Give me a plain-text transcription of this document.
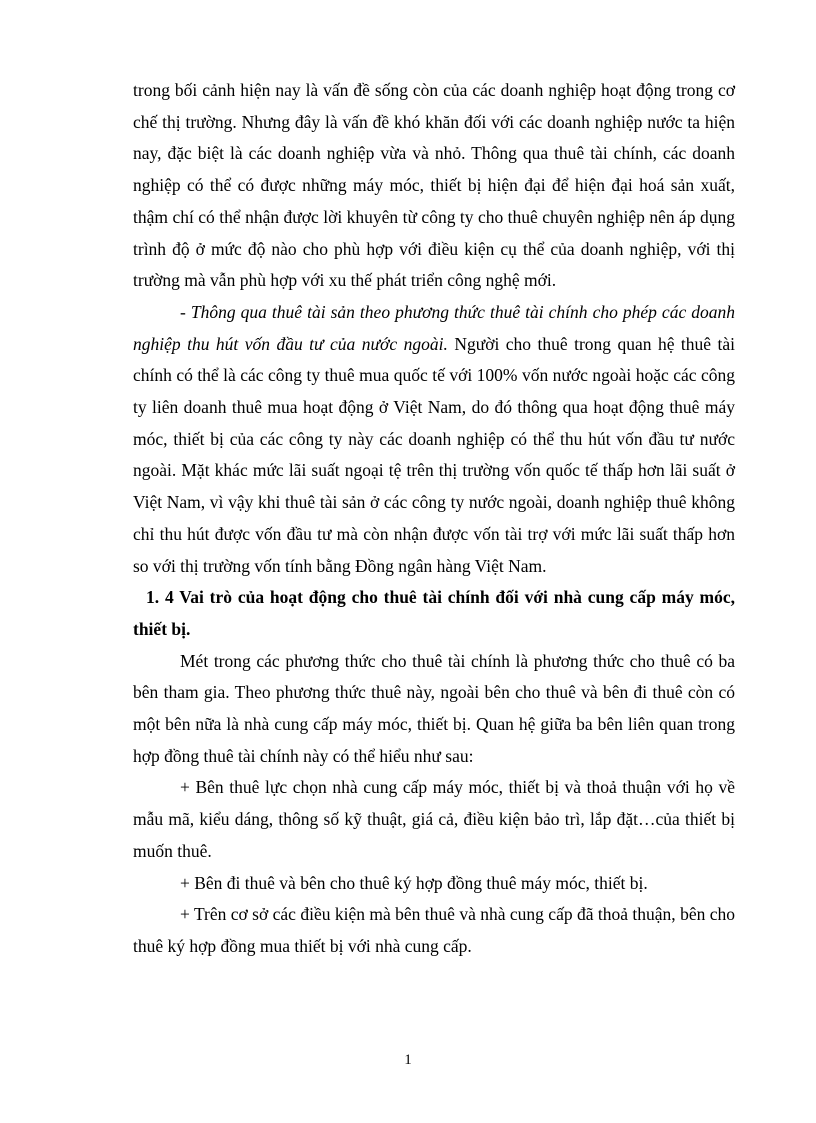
trong bối cảnh hiện nay là vấn đề sống còn của các doanh nghiệp hoạt động trong cơ chế thị trường. Nhưng đây là vấn đề khó khăn đối với các doanh nghiệp nước ta hiện nay, đặc biệt là các doanh nghiệp vừa và nhỏ. Thông qua thuê tài chính, các doanh nghiệp có thể có được những máy móc, thiết bị hiện đại để hiện đại hoá sản xuất, thậm chí có thể nhận được lời khuyên từ công ty cho thuê chuyên nghiệp nên áp dụng trình độ ở mức độ nào cho phù hợp với điều kiện cụ thể của doanh nghiệp, với thị trường mà vẫn phù hợp với xu thế phát triển công nghệ mới.

- Thông qua thuê tài sản theo phương thức thuê tài chính cho phép các doanh nghiệp thu hút vốn đầu tư của nước ngoài. Người cho thuê trong quan hệ thuê tài chính có thể là các công ty thuê mua quốc tế với 100% vốn nước ngoài hoặc các công ty liên doanh thuê mua hoạt động ở Việt Nam, do đó thông qua hoạt động thuê máy móc, thiết bị của các công ty này các doanh nghiệp có thể thu hút vốn đầu tư nước ngoài. Mặt khác mức lãi suất ngoại tệ trên thị trường vốn quốc tế thấp hơn lãi suất ở Việt Nam, vì vậy khi thuê tài sản ở các công ty nước ngoài, doanh nghiệp thuê không chỉ thu hút được vốn đầu tư mà còn nhận được vốn tài trợ với mức lãi suất thấp hơn so với thị trường vốn tính bằng Đồng ngân hàng Việt Nam.

1. 4 Vai trò của hoạt động cho thuê tài chính đối với nhà cung cấp máy móc, thiết bị.

Mét trong các phương thức cho thuê tài chính là phương thức cho thuê có ba bên tham gia. Theo phương thức thuê này, ngoài bên cho thuê và bên đi thuê còn có một bên nữa là nhà cung cấp máy móc, thiết bị. Quan hệ giữa ba bên liên quan trong hợp đồng thuê tài chính này có thể hiểu như sau:

+ Bên thuê lực chọn nhà cung cấp máy móc, thiết bị và thoả thuận với họ về mẫu mã, kiểu dáng, thông số kỹ thuật, giá cả, điều kiện bảo trì, lắp đặt…của thiết bị muốn thuê.

+ Bên đi thuê và bên cho thuê ký hợp đồng thuê máy móc, thiết bị.

+ Trên cơ sở các điều kiện mà bên thuê và nhà cung cấp đã thoả thuận, bên cho thuê ký hợp đồng mua thiết bị với nhà cung cấp.

1
